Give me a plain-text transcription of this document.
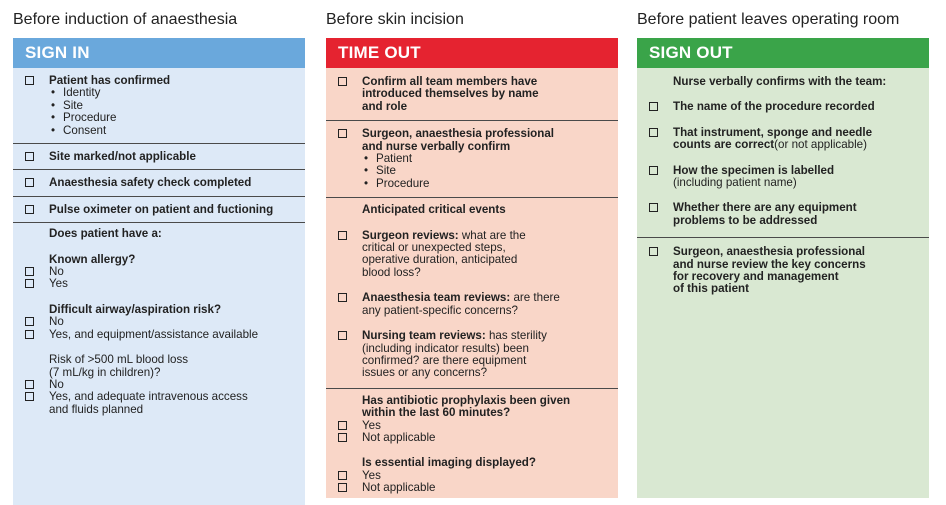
Before induction of anaesthesia
SIGN IN
Patient has confirmed
• Identity
• Site
• Procedure
• Consent
Site marked/not applicable
Anaesthesia safety check completed
Pulse oximeter on patient and fuctioning
Does patient have a:
Known allergy?
No
Yes
Difficult airway/aspiration risk?
No
Yes, and equipment/assistance available
Risk of >500 mL blood loss
(7 mL/kg in children)?
No
Yes, and adequate intravenous access
and fluids planned
Before skin incision
TIME OUT
Confirm all team members have
introduced themselves by name
and role
Surgeon, anaesthesia professional
and nurse verbally confirm
• Patient
• Site
• Procedure
Anticipated critical events
Surgeon reviews: what are the
critical or unexpected steps,
operative duration, anticipated
blood loss?
Anaesthesia team reviews: are there
any patient-specific concerns?
Nursing team reviews: has sterility
(including indicator results) been
confirmed? are there equipment
issues or any concerns?
Has antibiotic prophylaxis been given
within the last 60 minutes?
Yes
Not applicable
Is essential imaging displayed?
Yes
Not applicable
Before patient leaves operating room
SIGN OUT
Nurse verbally confirms with the team:
The name of the procedure recorded
That instrument, sponge and needle
counts are correct(or not applicable)
How the specimen is labelled
(including patient name)
Whether there are any equipment
problems to be addressed
Surgeon, anaesthesia professional
and nurse review the key concerns
for recovery and management
of this patient
